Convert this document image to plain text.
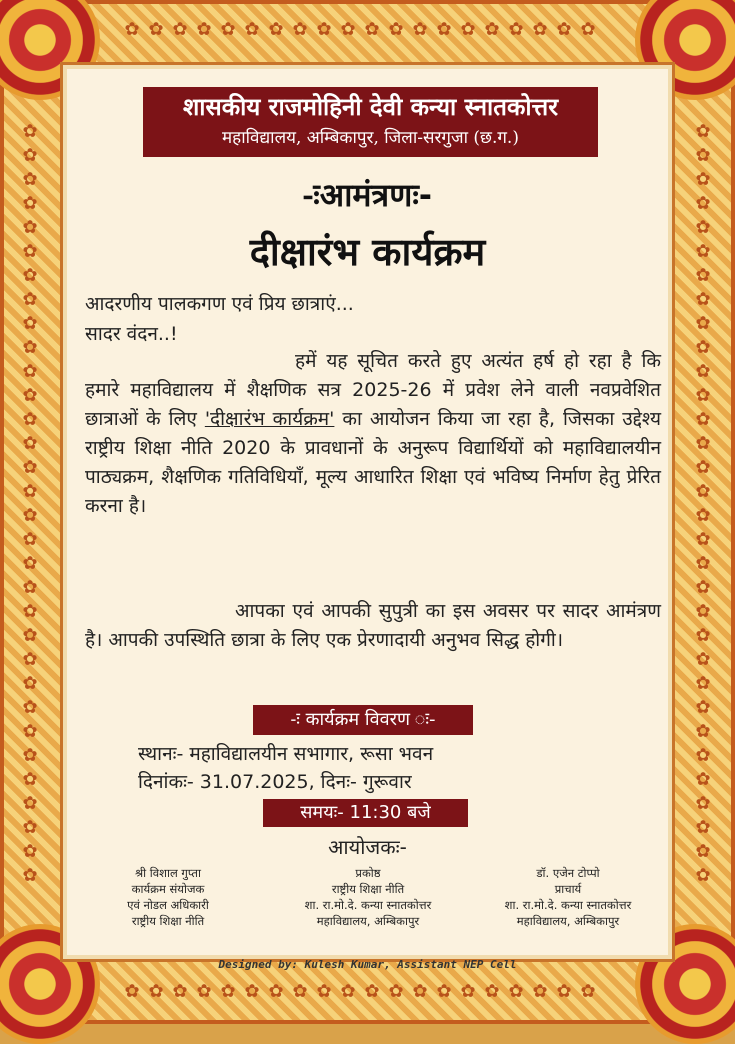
✿ ✿ ✿ ✿ ✿ ✿ ✿ ✿ ✿ ✿ ✿ ✿ ✿ ✿ ✿ ✿ ✿ ✿ ✿ ✿
✿ ✿ ✿ ✿ ✿ ✿ ✿ ✿ ✿ ✿ ✿ ✿ ✿ ✿ ✿ ✿ ✿ ✿ ✿ ✿
✿
✿
✿
✿
✿
✿
✿
✿
✿
✿
✿
✿
✿
✿
✿
✿
✿
✿
✿
✿
✿
✿
✿
✿
✿
✿
✿
✿
✿
✿
✿
✿
✿
✿
✿
✿
✿
✿
✿
✿
✿
✿
✿
✿
✿
✿
✿
✿
✿
✿
✿
✿
✿
✿
✿
✿
✿
✿
✿
✿
✿
✿
✿
✿
शासकीय राजमोहिनी देवी कन्या स्नातकोत्तर
महाविद्यालय, अम्बिकापुर, जिला-सरगुजा (छ.ग.)
-ःआमंत्रणः-
दीक्षारंभ कार्यक्रम
आदरणीय पालकगण एवं प्रिय छात्राएं...
सादर वंदन..!
हमें यह सूचित करते हुए अत्यंत हर्ष हो रहा है कि हमारे महाविद्यालय में शैक्षणिक सत्र 2025-26 में प्रवेश लेने वाली नवप्रवेशित छात्राओं के लिए 'दीक्षारंभ कार्यक्रम' का आयोजन किया जा रहा है, जिसका उद्देश्य राष्ट्रीय शिक्षा नीति 2020 के प्रावधानों के अनुरूप विद्यार्थियों को महाविद्यालयीन पाठ्यक्रम, शैक्षणिक गतिविधियाँ, मूल्य आधारित शिक्षा एवं भविष्य निर्माण हेतु प्रेरित करना है।
आपका एवं आपकी सुपुत्री का इस अवसर पर सादर आमंत्रण है। आपकी उपस्थिति छात्रा के लिए एक प्रेरणादायी अनुभव सिद्ध होगी।
-ः कार्यक्रम विवरण ः-
स्थानः- महाविद्यालयीन सभागार, रूसा भवन
दिनांकः- 31.07.2025, दिनः- गुरूवार
समयः- 11:30 बजे
आयोजकः-
श्री विशाल गुप्ता
कार्यक्रम संयोजक
एवं नोडल अधिकारी
राष्ट्रीय शिक्षा नीति
प्रकोष्ठ
राष्ट्रीय शिक्षा नीति
शा. रा.मो.दे. कन्या स्नातकोत्तर
महाविद्यालय, अम्बिकापुर
डॉ. एजेन टोप्पो
प्राचार्य
शा. रा.मो.दे. कन्या स्नातकोत्तर
महाविद्यालय, अम्बिकापुर
Designed by: Kulesh Kumar, Assistant NEP Cell
